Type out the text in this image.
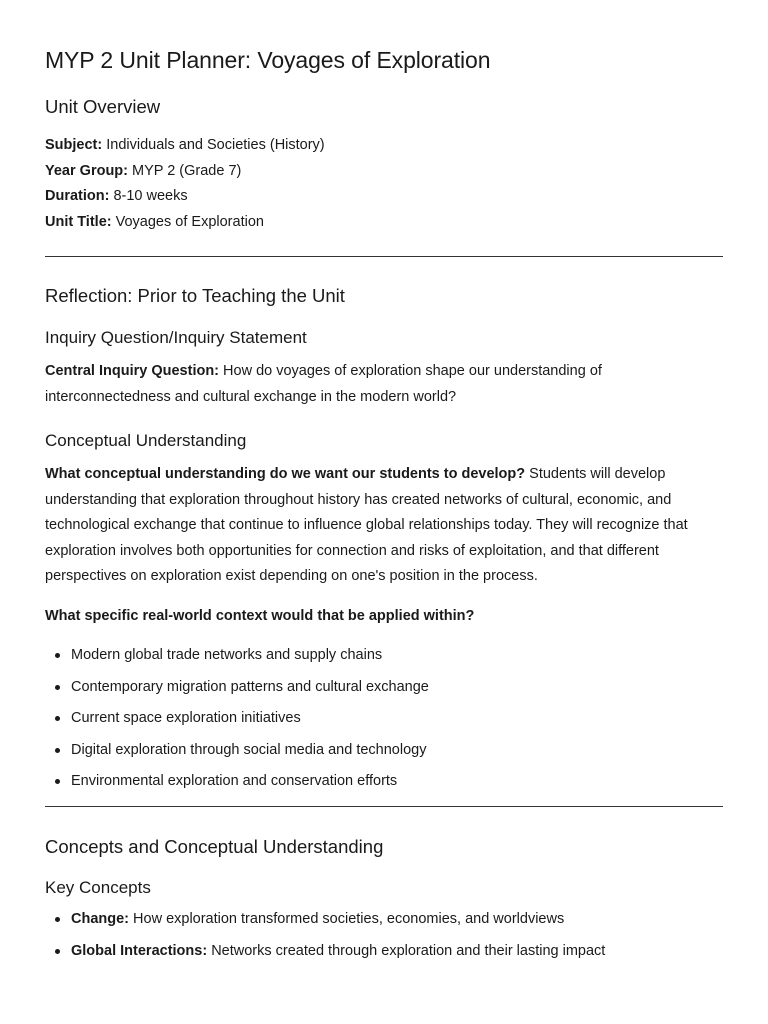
MYP 2 Unit Planner: Voyages of Exploration
Unit Overview

Subject: Individuals and Societies (History)

Year Group: MYP 2 (Grade 7)

Duration: 8-10 weeks

Unit Title: Voyages of Exploration

Reflection: Prior to Teaching the Unit
Inquiry Question/Inquiry Statement

Central Inquiry Question: How do voyages of exploration shape our understanding of interconnectedness and cultural exchange in the modern world?

Conceptual Understanding

What conceptual understanding do we want our students to develop? Students will develop understanding that exploration throughout history has created networks of cultural, economic, and technological exchange that continue to influence global relationships today. They will recognize that exploration involves both opportunities for connection and risks of exploitation, and that different perspectives on exploration exist depending on one's position in the process.

What specific real-world context would that be applied within?

Modern global trade networks and supply chains
Contemporary migration patterns and cultural exchange
Current space exploration initiatives
Digital exploration through social media and technology
Environmental exploration and conservation efforts
Concepts and Conceptual Understanding
Key Concepts
Change: How exploration transformed societies, economies, and worldviews
Global Interactions: Networks created through exploration and their lasting impact
